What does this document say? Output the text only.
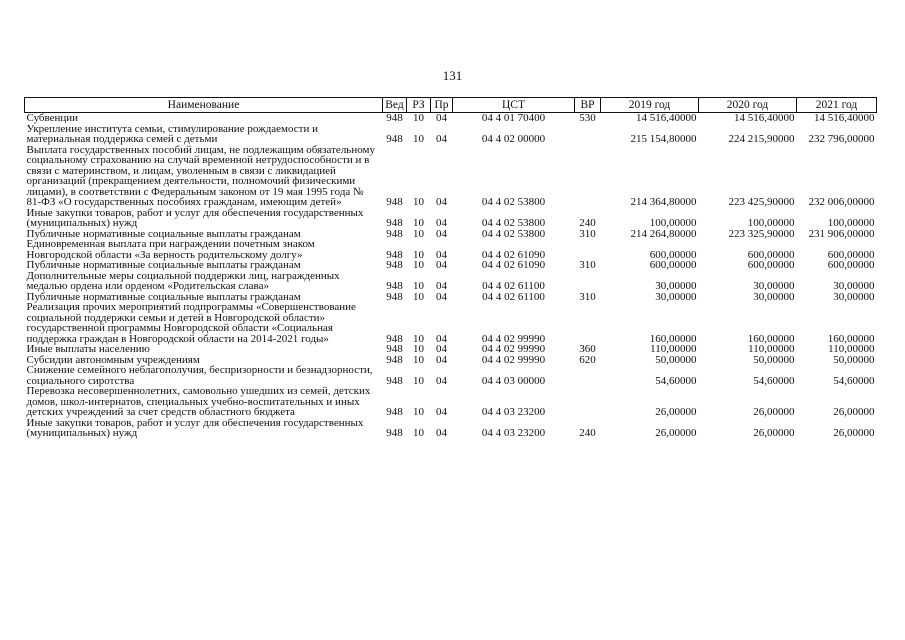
131
Наименование	Вед	РЗ	Пр	ЦСТ	ВР	2019 год	2020 год	2021 год
Субвенции	948	10	04	04 4 01 70400	530	14 516,40000	14 516,40000	14 516,40000
Укрепление института семьи, стимулирование рождаемости и материальная поддержка семей с детьми	948	10	04	04 4 02 00000		215 154,80000	224 215,90000	232 796,00000
Выплата государственных пособий лицам, не подлежащим обязательному социальному страхованию на случай временной нетрудоспособности и в связи с материнством, и лицам, уволенным в связи с ликвидацией организаций (прекращением деятельности, полномочий физическими лицами), в соответствии с Федеральным законом от 19 мая 1995 года № 81-ФЗ «О государственных пособиях гражданам, имеющим детей»	948	10	04	04 4 02 53800		214 364,80000	223 425,90000	232 006,00000
Иные закупки товаров, работ и услуг для обеспечения государственных (муниципальных) нужд	948	10	04	04 4 02 53800	240	100,00000	100,00000	100,00000
Публичные нормативные социальные выплаты гражданам	948	10	04	04 4 02 53800	310	214 264,80000	223 325,90000	231 906,00000
Единовременная выплата при награждении почетным знаком Новгородской области «За верность родительскому долгу»	948	10	04	04 4 02 61090		600,00000	600,00000	600,00000
Публичные нормативные социальные выплаты гражданам	948	10	04	04 4 02 61090	310	600,00000	600,00000	600,00000
Дополнительные меры социальной поддержки лиц, награжденных медалью ордена или орденом «Родительская слава»	948	10	04	04 4 02 61100		30,00000	30,00000	30,00000
Публичные нормативные социальные выплаты гражданам	948	10	04	04 4 02 61100	310	30,00000	30,00000	30,00000
Реализация прочих мероприятий подпрограммы «Совершенствование социальной поддержки семьи и детей в Новгородской области» государственной программы Новгородской области «Социальная поддержка граждан в Новгородской области на 2014-2021 годы»	948	10	04	04 4 02 99990		160,00000	160,00000	160,00000
Иные выплаты населению	948	10	04	04 4 02 99990	360	110,00000	110,00000	110,00000
Субсидии автономным учреждениям	948	10	04	04 4 02 99990	620	50,00000	50,00000	50,00000
Снижение семейного неблагополучия, беспризорности и безнадзорности, социального сиротства	948	10	04	04 4 03 00000		54,60000	54,60000	54,60000
Перевозка несовершеннолетних, самовольно ушедших из семей, детских домов, школ-интернатов, специальных учебно-воспитательных и иных детских учреждений за счет средств областного бюджета	948	10	04	04 4 03 23200		26,00000	26,00000	26,00000
Иные закупки товаров, работ и услуг для обеспечения государственных (муниципальных) нужд	948	10	04	04 4 03 23200	240	26,00000	26,00000	26,00000
